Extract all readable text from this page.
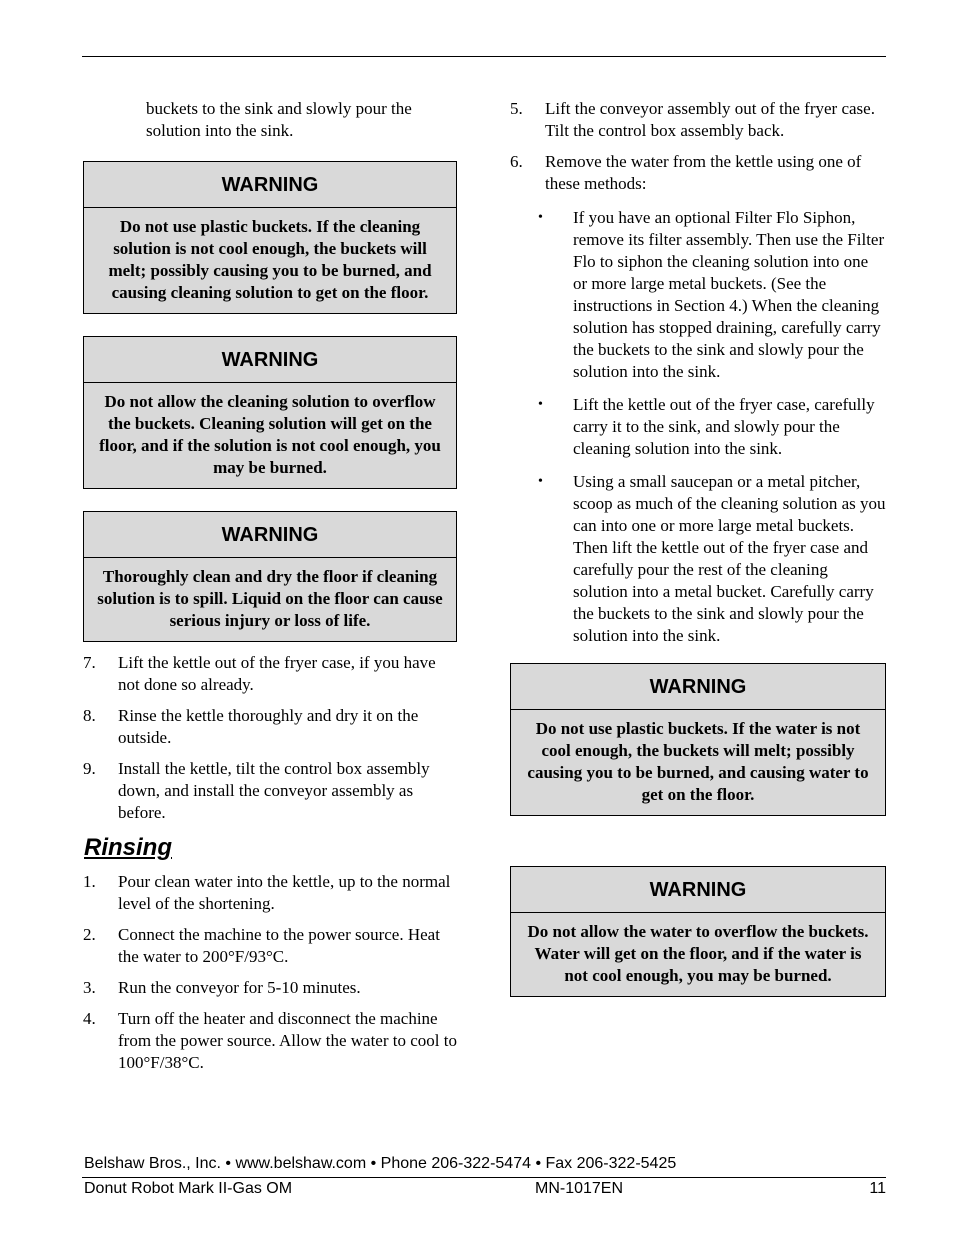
buckets to the sink and slowly pour the solution into the sink.

WARNING
Do not use plastic buckets. If the cleaning solution is not cool enough, the buckets will melt; possibly causing you to be burned, and causing cleaning solution to get on the floor.
WARNING
Do not allow the cleaning solution to overflow the buckets. Cleaning solution will get on the floor, and if the solution is not cool enough, you may be burned.
WARNING
Thoroughly clean and dry the floor if cleaning solution is to spill. Liquid on the floor can cause serious injury or loss of life.
7.	Lift the kettle out of the fryer case, if you have not done so already.
8.	Rinse the kettle thoroughly and dry it on the outside.
9.	Install the kettle, tilt the control box assembly down, and install the conveyor assembly as before.
Rinsing
1.	Pour clean water into the kettle, up to the normal level of the shortening.
2.	Connect the machine to the power source. Heat the water to 200°F/93°C.
3.	Run the conveyor for 5-10 minutes.
4.	Turn off the heater and disconnect the machine from the power source. Allow the water to cool to 100°F/38°C.
5.	Lift the conveyor assembly out of the fryer case. Tilt the control box assembly back.
6.	Remove the water from the kettle using one of these methods:
•	If you have an optional Filter Flo Siphon, remove its filter assembly. Then use the Filter Flo to siphon the cleaning solution into one or more large metal buckets. (See the instructions in Section 4.) When the cleaning solution has stopped draining, carefully carry the buckets to the sink and slowly pour the solution into the sink.
•	Lift the kettle out of the fryer case, carefully carry it to the sink, and slowly pour the cleaning solution into the sink.
•	Using a small saucepan or a metal pitcher, scoop as much of the cleaning solution as you can into one or more large metal buckets. Then lift the kettle out of the fryer case and carefully pour the rest of the cleaning solution into a metal bucket. Carefully carry the buckets to the sink and slowly pour the solution into the sink.
WARNING
Do not use plastic buckets. If the water is not cool enough, the buckets will melt; possibly causing you to be burned, and causing water to get on the floor.
WARNING
Do not allow the water to overflow the buckets. Water will get on the floor, and if the water is not cool enough, you may be burned.
Belshaw Bros., Inc. • www.belshaw.com • Phone 206-322-5474 • Fax 206-322-5425
Donut Robot Mark II-Gas OM	MN-1017EN	11
